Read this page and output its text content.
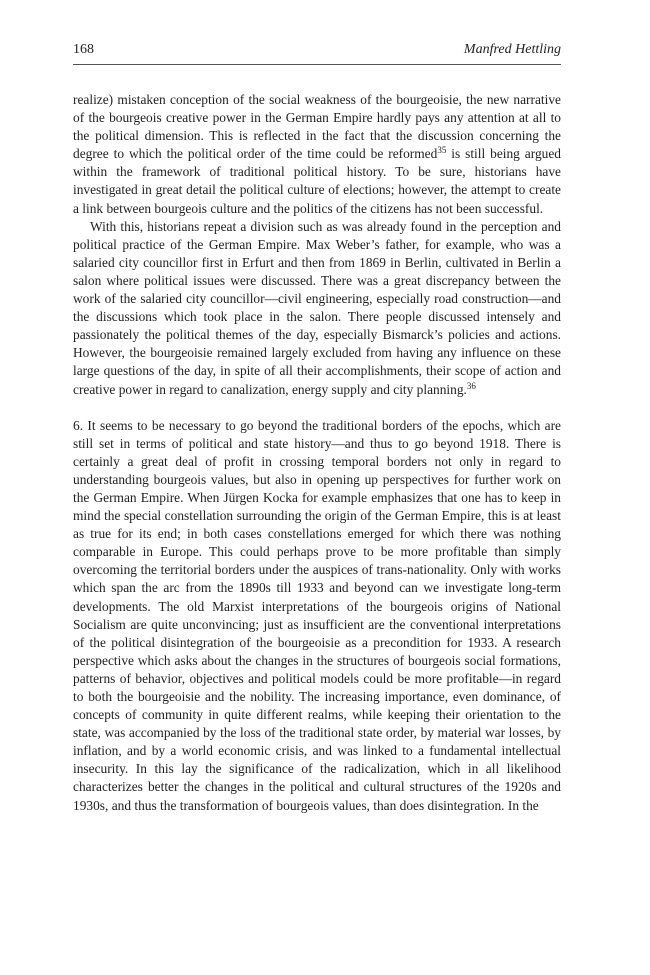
168	Manfred Hettling

realize) mistaken conception of the social weakness of the bourgeoisie, the new narrative of the bourgeois creative power in the German Empire hardly pays any attention at all to the political dimension. This is reflected in the fact that the discussion concerning the degree to which the political order of the time could be reformed$^{35}$ is still being argued within the framework of traditional political history. To be sure, historians have investigated in great detail the political culture of elections; however, the attempt to create a link between bourgeois culture and the politics of the citizens has not been successful.

With this, historians repeat a division such as was already found in the perception and political practice of the German Empire. Max Weber’s father, for example, who was a salaried city councillor first in Erfurt and then from 1869 in Berlin, cultivated in Berlin a salon where political issues were discussed. There was a great discrepancy between the work of the salaried city councillor—civil engineering, especially road construction—and the discussions which took place in the salon. There people discussed intensely and passionately the political themes of the day, especially Bismarck’s policies and actions. However, the bourgeoisie remained largely excluded from having any influence on these large questions of the day, in spite of all their accomplishments, their scope of action and creative power in regard to canalization, energy supply and city planning.$^{36}$

6. It seems to be necessary to go beyond the traditional borders of the epochs, which are still set in terms of political and state history—and thus to go beyond 1918. There is certainly a great deal of profit in crossing temporal borders not only in regard to understanding bourgeois values, but also in opening up perspectives for further work on the German Empire. When Jürgen Kocka for example emphasizes that one has to keep in mind the special constellation surrounding the origin of the German Empire, this is at least as true for its end; in both cases constellations emerged for which there was nothing comparable in Europe. This could perhaps prove to be more profitable than simply overcoming the territorial borders under the auspices of trans-nationality. Only with works which span the arc from the 1890s till 1933 and beyond can we investigate long-term developments. The old Marxist interpretations of the bourgeois origins of National Socialism are quite unconvincing; just as insufficient are the conventional interpretations of the political disintegration of the bourgeoisie as a precondition for 1933. A research perspective which asks about the changes in the structures of bourgeois social formations, patterns of behavior, objectives and political models could be more profitable—in regard to both the bourgeoisie and the nobility. The increasing importance, even dominance, of concepts of community in quite different realms, while keeping their orientation to the state, was accompanied by the loss of the traditional state order, by material war losses, by inflation, and by a world economic crisis, and was linked to a fundamental intellectual insecurity. In this lay the significance of the radicalization, which in all likelihood characterizes better the changes in the political and cultural structures of the 1920s and 1930s, and thus the transformation of bourgeois values, than does disintegration. In the
